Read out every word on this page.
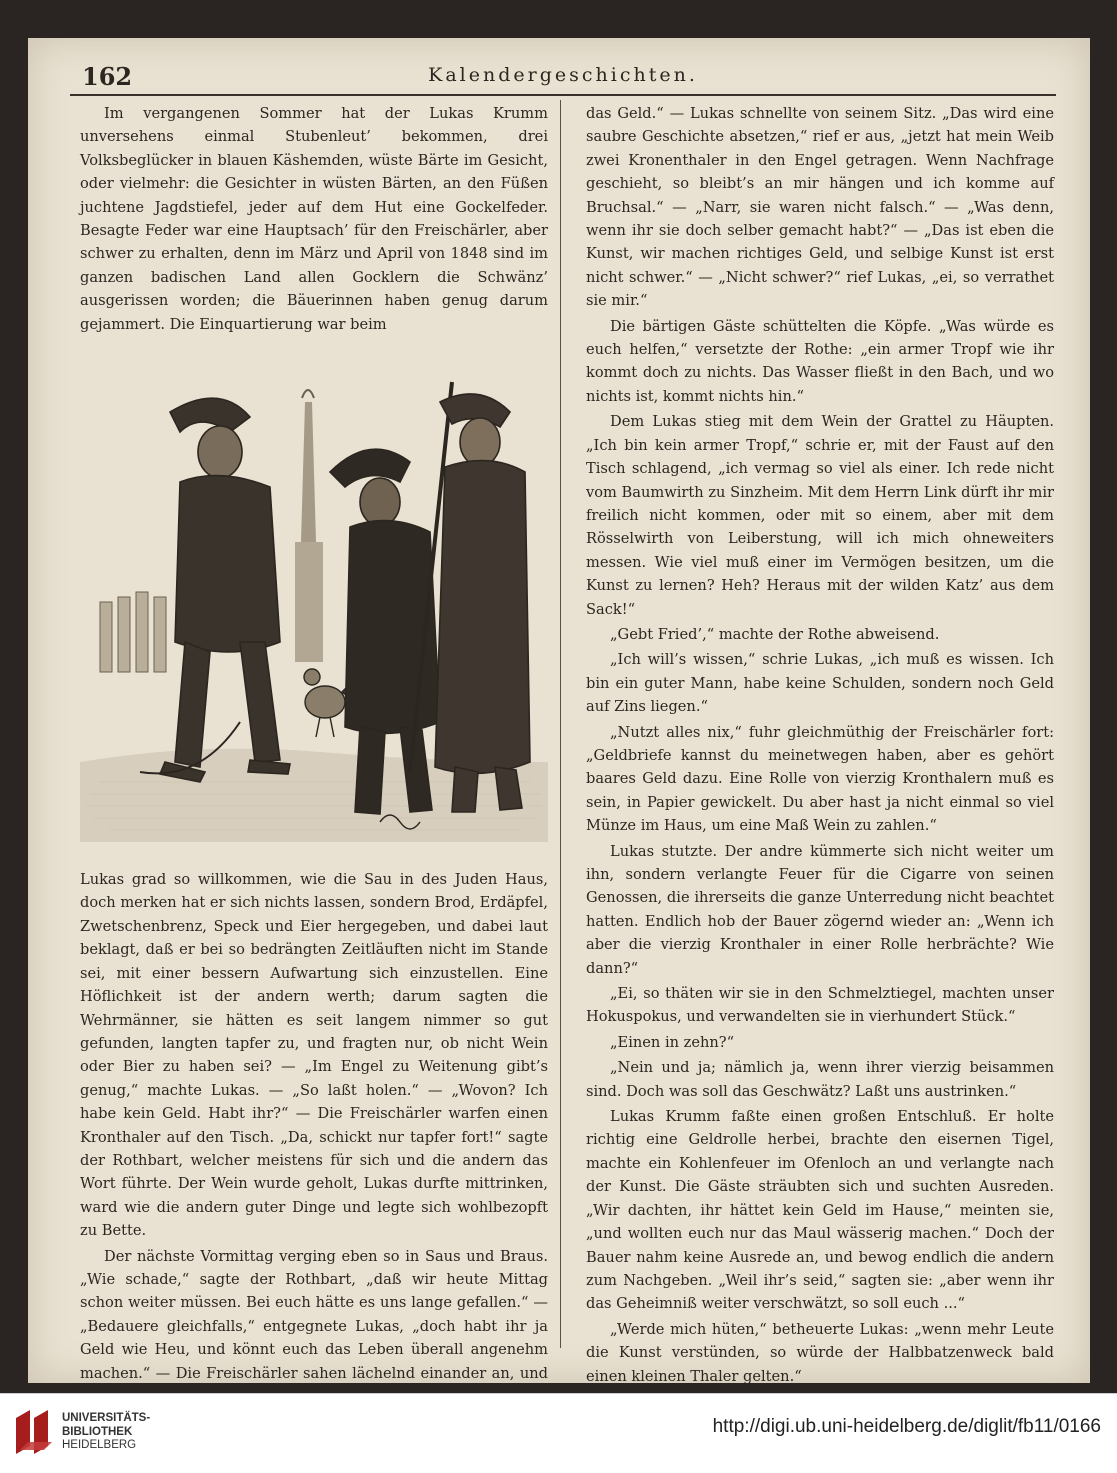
162	Kalendergeschichten.

Im vergangenen Sommer hat der Lukas Krumm unversehens einmal Stubenleut’ bekommen, drei Volksbeglücker in blauen Käshemden, wüste Bärte im Gesicht, oder vielmehr: die Gesichter in wüsten Bärten, an den Füßen juchtene Jagdstiefel, jeder auf dem Hut eine Gockelfeder. Besagte Feder war eine Hauptsach’ für den Freischärler, aber schwer zu erhalten, denn im März und April von 1848 sind im ganzen badischen Land allen Gocklern die Schwänz’ ausgerissen worden; die Bäuerinnen haben genug darum gejammert. Die Einquartierung war beim

Lukas grad so willkommen, wie die Sau in des Juden Haus, doch merken hat er sich nichts lassen, sondern Brod, Erdäpfel, Zwetschenbrenz, Speck und Eier hergegeben, und dabei laut beklagt, daß er bei so bedrängten Zeitläuften nicht im Stande sei, mit einer bessern Aufwartung sich einzustellen. Eine Höflichkeit ist der andern werth; darum sagten die Wehrmänner, sie hätten es seit langem nimmer so gut gefunden, langten tapfer zu, und fragten nur, ob nicht Wein oder Bier zu haben sei? — „Im Engel zu Weitenung gibt’s genug,“ machte Lukas. — „So laßt holen.“ — „Wovon? Ich habe kein Geld. Habt ihr?“ — Die Freischärler warfen einen Kronthaler auf den Tisch. „Da, schickt nur tapfer fort!“ sagte der Rothbart, welcher meistens für sich und die andern das Wort führte. Der Wein wurde geholt, Lukas durfte mittrinken, ward wie die andern guter Dinge und legte sich wohlbezopft zu Bette.

Der nächste Vormittag verging eben so in Saus und Braus. „Wie schade,“ sagte der Rothbart, „daß wir heute Mittag schon weiter müssen. Bei euch hätte es uns lange gefallen.“ — „Bedauere gleichfalls,“ entgegnete Lukas, „doch habt ihr ja Geld wie Heu, und könnt euch das Leben überall angenehm machen.“ — Die Freischärler sahen lächelnd einander an, und

das Geld.“ — Lukas schnellte von seinem Sitz. „Das wird eine saubre Geschichte absetzen,“ rief er aus, „jetzt hat mein Weib zwei Kronenthaler in den Engel getragen. Wenn Nachfrage geschieht, so bleibt’s an mir hängen und ich komme auf Bruchsal.“ — „Narr, sie waren nicht falsch.“ — „Was denn, wenn ihr sie doch selber gemacht habt?“ — „Das ist eben die Kunst, wir machen richtiges Geld, und selbige Kunst ist erst nicht schwer.“ — „Nicht schwer?“ rief Lukas, „ei, so verrathet sie mir.“

Die bärtigen Gäste schüttelten die Köpfe. „Was würde es euch helfen,“ versetzte der Rothe: „ein armer Tropf wie ihr kommt doch zu nichts. Das Wasser fließt in den Bach, und wo nichts ist, kommt nichts hin.“

Dem Lukas stieg mit dem Wein der Grattel zu Häupten. „Ich bin kein armer Tropf,“ schrie er, mit der Faust auf den Tisch schlagend, „ich vermag so viel als einer. Ich rede nicht vom Baumwirth zu Sinzheim. Mit dem Herrn Link dürft ihr mir freilich nicht kommen, oder mit so einem, aber mit dem Rösselwirth von Leiberstung, will ich mich ohneweiters messen. Wie viel muß einer im Vermögen besitzen, um die Kunst zu lernen? Heh? Heraus mit der wilden Katz’ aus dem Sack!“

„Gebt Fried’,“ machte der Rothe abweisend.

„Ich will’s wissen,“ schrie Lukas, „ich muß es wissen. Ich bin ein guter Mann, habe keine Schulden, sondern noch Geld auf Zins liegen.“

„Nutzt alles nix,“ fuhr gleichmüthig der Freischärler fort: „Geldbriefe kannst du meinetwegen haben, aber es gehört baares Geld dazu. Eine Rolle von vierzig Kronthalern muß es sein, in Papier gewickelt. Du aber hast ja nicht einmal so viel Münze im Haus, um eine Maß Wein zu zahlen.“

Lukas stutzte. Der andre kümmerte sich nicht weiter um ihn, sondern verlangte Feuer für die Cigarre von seinen Genossen, die ihrerseits die ganze Unterredung nicht beachtet hatten. Endlich hob der Bauer zögernd wieder an: „Wenn ich aber die vierzig Kronthaler in einer Rolle herbrächte? Wie dann?“

„Ei, so thäten wir sie in den Schmelztiegel, machten unser Hokuspokus, und verwandelten sie in vierhundert Stück.“

„Einen in zehn?“

„Nein und ja; nämlich ja, wenn ihrer vierzig beisammen sind. Doch was soll das Geschwätz? Laßt uns austrinken.“

Lukas Krumm faßte einen großen Entschluß. Er holte richtig eine Geldrolle herbei, brachte den eisernen Tigel, machte ein Kohlenfeuer im Ofenloch an und verlangte nach der Kunst. Die Gäste sträubten sich und suchten Ausreden. „Wir dachten, ihr hättet kein Geld im Hause,“ meinten sie, „und wollten euch nur das Maul wässerig machen.“ Doch der Bauer nahm keine Ausrede an, und bewog endlich die andern zum Nachgeben. „Weil ihr’s seid,“ sagten sie: „aber wenn ihr das Geheimniß weiter verschwätzt, so soll euch ...“

„Werde mich hüten,“ betheuerte Lukas: „wenn mehr Leute die Kunst verstünden, so würde der Halbbatzenweck bald einen kleinen Thaler gelten.“

UNIVERSITÄTS-
BIBLIOTHEK
HEIDELBERG
http://digi.ub.uni-heidelberg.de/diglit/fb11/0166
